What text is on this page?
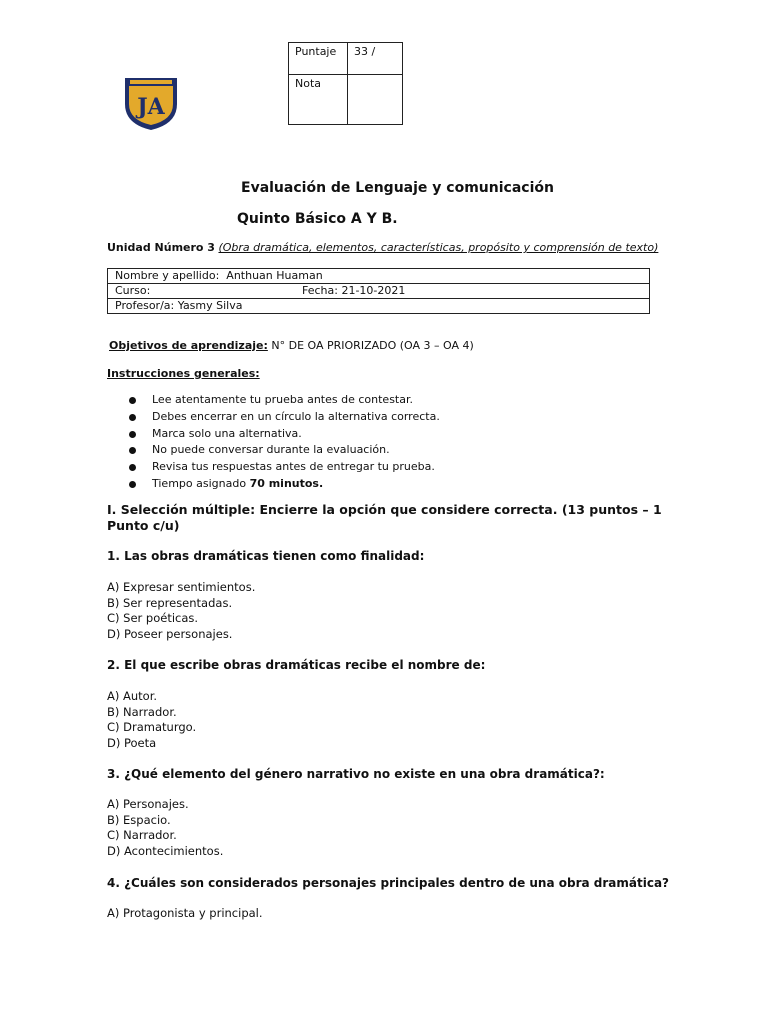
Puntaje	33 /
Nota	
JA
Evaluación de Lenguaje y comunicación
Quinto Básico A Y B.
Unidad Número 3 (Obra dramática, elementos, características, propósito y comprensión de texto)
Nombre y apellido: Anthuan Huaman
Curso:	Fecha: 21-10-2021

Profesor/a: Yasmy Silva
Objetivos de aprendizaje: N° DE OA PRIORIZADO (OA 3 – OA 4)
Instrucciones generales:
Lee atentamente tu prueba antes de contestar.
Debes encerrar en un círculo la alternativa correcta.
Marca solo una alternativa.
No puede conversar durante la evaluación.
Revisa tus respuestas antes de entregar tu prueba.
Tiempo asignado 70 minutos.
I. Selección múltiple: Encierre la opción que considere correcta. (13 puntos – 1 Punto c/u)
1. Las obras dramáticas tienen como finalidad:
A) Expresar sentimientos.
B) Ser representadas.
C) Ser poéticas.
D) Poseer personajes.
2. El que escribe obras dramáticas recibe el nombre de:
A) Autor.
B) Narrador.
C) Dramaturgo.
D) Poeta
3. ¿Qué elemento del género narrativo no existe en una obra dramática?:
A) Personajes.
B) Espacio.
C) Narrador.
D) Acontecimientos.
4. ¿Cuáles son considerados personajes principales dentro de una obra dramática?
A) Protagonista y principal.
